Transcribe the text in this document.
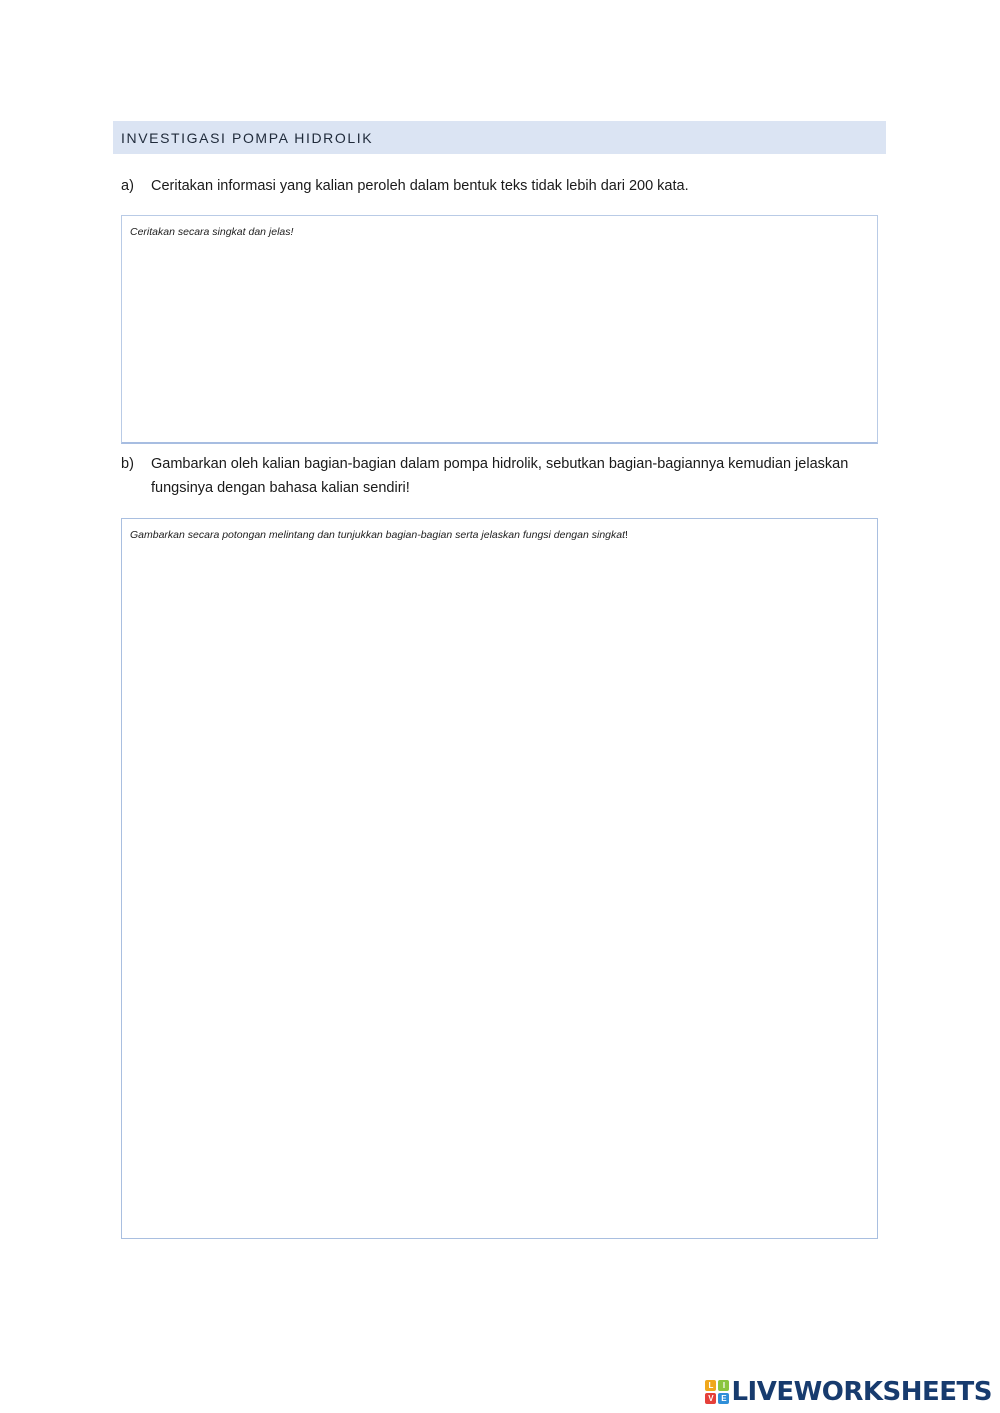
INVESTIGASI POMPA HIDROLIK
a) Ceritakan informasi yang kalian peroleh dalam bentuk teks tidak lebih dari 200 kata.
Ceritakan secara singkat dan jelas!
b) Gambarkan oleh kalian bagian-bagian dalam pompa hidrolik, sebutkan bagian-bagiannya kemudian jelaskan fungsinya dengan bahasa kalian sendiri!
Gambarkan secara potongan melintang dan tunjukkan bagian-bagian serta jelaskan fungsi dengan singkat!
L	I
V E LIVEWORKSHEETS
